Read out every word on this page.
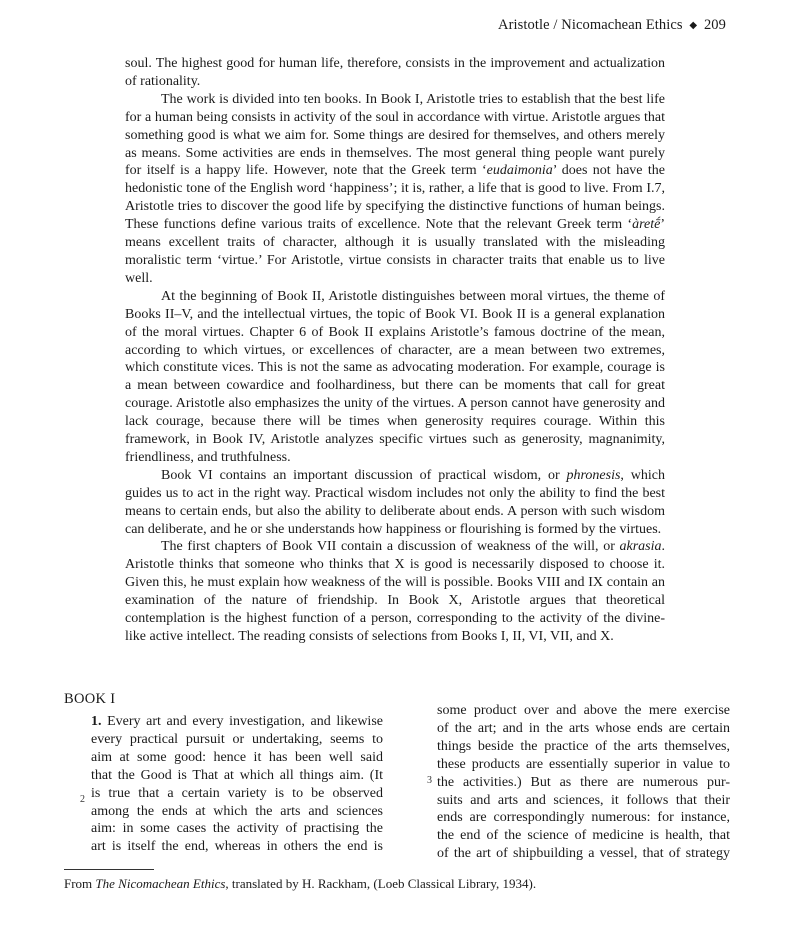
Aristotle / Nicomachean Ethics ◆ 209

soul. The highest good for human life, therefore, consists in the improvement and actualization of rationality.

The work is divided into ten books. In Book I, Aristotle tries to establish that the best life for a human being consists in activity of the soul in accordance with virtue. Aristotle argues that something good is what we aim for. Some things are desired for themselves, and others merely as means. Some activities are ends in themselves. The most general thing people want purely for itself is a happy life. However, note that the Greek term ‘eudaimonia’ does not have the hedonistic tone of the English word ‘happiness’; it is, rather, a life that is good to live. From I.7, Aristotle tries to discover the good life by specifying the distinctive functions of human beings. These functions define various traits of excellence. Note that the relevant Greek term ‘àretḗ’ means excellent traits of character, although it is usually translated with the misleading moralistic term ‘virtue.’ For Aristotle, virtue consists in character traits that enable us to live well.

At the beginning of Book II, Aristotle distinguishes between moral virtues, the theme of Books II–V, and the intellectual virtues, the topic of Book VI. Book II is a general explanation of the moral virtues. Chapter 6 of Book II explains Aristotle’s famous doctrine of the mean, according to which virtues, or excellences of character, are a mean between two extremes, which constitute vices. This is not the same as advocating moderation. For example, courage is a mean between cowardice and foolhardiness, but there can be moments that call for great courage. Aristotle also emphasizes the unity of the virtues. A person cannot have generosity and lack courage, because there will be times when generosity requires courage. Within this framework, in Book IV, Aristotle analyzes specific virtues such as generosity, magnanimity, friendliness, and truthfulness.

Book VI contains an important discussion of practical wisdom, or phronesis, which guides us to act in the right way. Practical wisdom includes not only the ability to find the best means to certain ends, but also the ability to deliberate about ends. A person with such wisdom can deliberate, and he or she understands how happiness or flourishing is formed by the virtues.

The first chapters of Book VII contain a discussion of weakness of the will, or akrasia. Aristotle thinks that someone who thinks that X is good is necessarily disposed to choose it. Given this, he must explain how weakness of the will is possible. Books VIII and IX contain an examination of the nature of friendship. In Book X, Aristotle argues that theoretical contemplation is the highest function of a person, corresponding to the activity of the divine-like active intellect. The reading consists of selections from Books I, II, VI, VII, and X.

BOOK I
1. Every art and every investigation, and likewise
every practical pursuit or undertaking, seems to
aim at some good: hence it has been well said
that the Good is That at which all things aim. (It
is true that a certain variety is to be observed
among the ends at which the arts and sciences
aim: in some cases the activity of practising the
art is itself the end, whereas in others the end is
2
some product over and above the mere exercise
of the art; and in the arts whose ends are certain
things beside the practice of the arts themselves,
these products are essentially superior in value to
the activities.) But as there are numerous pur-
suits and arts and sciences, it follows that their
ends are correspondingly numerous: for instance,
the end of the science of medicine is health, that
of the art of shipbuilding a vessel, that of strategy
3
From The Nicomachean Ethics, translated by H. Rackham, (Loeb Classical Library, 1934).
